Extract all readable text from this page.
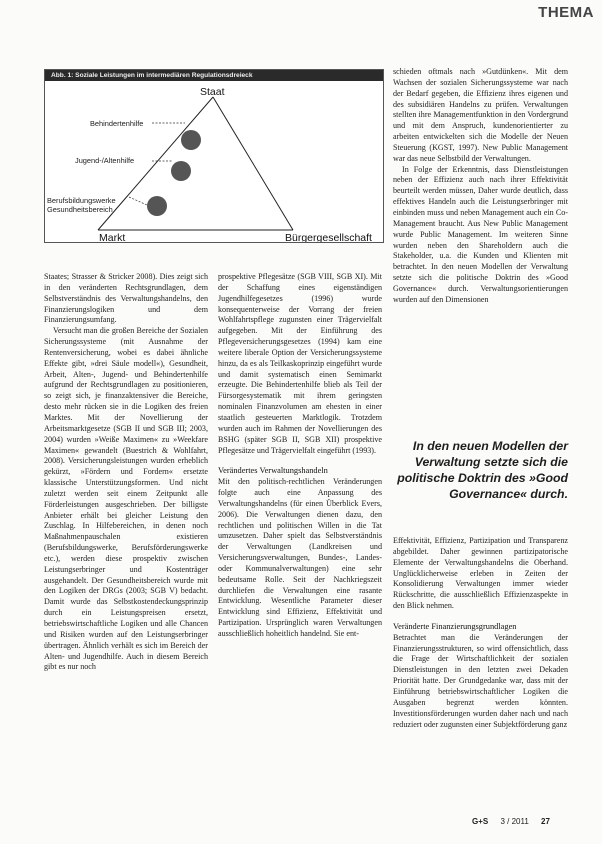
THEMA
Abb. 1: Soziale Leistungen im intermediären Regulationsdreieck
Staat
Markt	Bürgergesellschaft
Behindertenhilfe
Jugend-/Altenhilfe
Berufsbildungswerke
Gesundheitsbereich

Staates; Strasser & Stricker 2008). Dies zeigt sich in den veränderten Rechtsgrundlagen, dem Selbstverständnis des Verwaltungshandelns, den Finanzierungslogiken und dem Finanzierungsumfang.

Versucht man die großen Bereiche der Sozialen Sicherungssysteme (mit Ausnahme der Rentenversicherung, wobei es dabei ähnliche Effekte gibt, »drei Säule modell«), Gesundheit, Arbeit, Alten-, Jugend- und Behindertenhilfe aufgrund der Rechtsgrundlagen zu positionieren, so zeigt sich, je finanzaktensiver die Bereiche, desto mehr rücken sie in die Logiken des freien Marktes. Mit der Novellierung der Arbeitsmarktgesetze (SGB II und SGB III; 2003, 2004) wurden »Weiße Maximen« zu »Weekfare Maximen« gewandelt (Buestrich & Wohlfahrt, 2008). Versicherungsleistungen wurden erheblich gekürzt, »Fördern und Fordern« ersetzte klassische Unterstützungsformen. Und nicht zuletzt werden seit einem Zeitpunkt alle Förderleistungen ausgeschrieben. Der billigste Anbieter erhält bei gleicher Leistung den Zuschlag. In Hilfebereichen, in denen noch Maßnahmenpauschalen existieren (Berufsbildungswerke, Berufsförderungswerke etc.), werden diese prospektiv zwischen Leistungserbringer und Kostenträger ausgehandelt. Der Gesundheitsbereich wurde mit den Logiken der DRGs (2003; SGB V) bedacht. Damit wurde das Selbstkostendeckungsprinzip durch ein Leistungspreisen ersetzt, betriebswirtschaftliche Logiken und alle Chancen und Risiken wurden auf den Leistungserbringer übertragen. Ähnlich verhält es sich im Bereich der Alten- und Jugendhilfe. Auch in diesem Bereich gibt es nur noch

prospektive Pflegesätze (SGB VIII, SGB XI). Mit der Schaffung eines eigenständigen Jugendhilfegesetzes (1996) wurde konsequenterweise der Vorrang der freien Wohlfahrtspflege zugunsten einer Trägervielfalt aufgegeben. Mit der Einführung des Pflegeversicherungsgesetzes (1994) kam eine weitere liberale Option der Versicherungssysteme hinzu, da es als Teilkaskoprinzip eingeführt wurde und damit systematisch einen Semimarkt erzeugte. Die Behindertenhilfe blieb als Teil der Fürsorgesystematik mit ihrem geringsten nominalen Finanzvolumen am ehesten in einer staatlich gesteuerten Marktlogik. Trotzdem wurden auch im Rahmen der Novellierungen des BSHG (später SGB II, SGB XII) prospektive Pflegesätze und Trägervielfalt eingeführt (1993).

Verändertes Verwaltungshandeln

Mit den politisch-rechtlichen Veränderungen folgte auch eine Anpassung des Verwaltungshandelns (für einen Überblick Evers, 2006). Die Verwaltungen dienen dazu, den rechtlichen und politischen Willen in die Tat umzusetzen. Daher spielt das Selbstverständnis der Verwaltungen (Landkreisen und Versicherungsverwaltungen, Bundes-, Landes- oder Kommunalverwaltungen) eine sehr bedeutsame Rolle. Seit der Nachkriegszeit durchliefen die Verwaltungen eine rasante Entwicklung. Wesentliche Parameter dieser Entwicklung sind Effizienz, Effektivität und Partizipation. Ursprünglich waren Verwaltungen ausschließlich hoheitlich handelnd. Sie ent-

schieden oftmals nach »Gutdünken«. Mit dem Wachsen der sozialen Sicherungssysteme war nach der Bedarf gegeben, die Effizienz ihres eigenen und des subsidiären Handelns zu prüfen. Verwaltungen stellten ihre Managementfunktion in den Vordergrund und mit dem Anspruch, kundenorientierter zu arbeiten entwickelten sich die Modelle der Neuen Steuerung (KGST, 1997). New Public Management war das neue Selbstbild der Verwaltungen.

In Folge der Erkenntnis, dass Dienstleistungen neben der Effizienz auch nach ihrer Effektivität beurteilt werden müssen, Daher wurde deutlich, dass effektives Handeln auch die Leistungserbringer mit einbinden muss und neben Management auch ein Co-Management braucht. Aus New Public Management wurde Public Management. Im weiteren Sinne wurden neben den Shareholdern auch die Stakeholder, u.a. die Kunden und Klienten mit betrachtet. In den neuen Modellen der Verwaltung setzte sich die politische Doktrin des »Good Governance« durch. Verwaltungsorientierungen wurden auf den Dimensionen

In den neuen Modellen der Verwaltung setzte sich die politische Doktrin des »Good Governance« durch.

Effektivität, Effizienz, Partizipation und Transparenz abgebildet. Daher gewinnen partizipatorische Elemente der Verwaltungshandelns die Oberhand. Unglücklicherweise erleben in Zeiten der Konsolidierung Verwaltungen immer wieder Rückschritte, die ausschließlich Effizienzaspekte in den Blick nehmen.

Veränderte Finanzierungsgrundlagen

Betrachtet man die Veränderungen der Finanzierungsstrukturen, so wird offensichtlich, dass die Frage der Wirtschaftlichkeit der sozialen Dienstleistungen in den letzten zwei Dekaden Priorität hatte. Der Grundgedanke war, dass mit der Einführung betriebswirtschaftlicher Logiken die Ausgaben begrenzt werden könnten. Investitionsförderungen wurden daher nach und nach reduziert oder zugunsten einer Subjektförderung ganz

G+S 3 / 2011 27
